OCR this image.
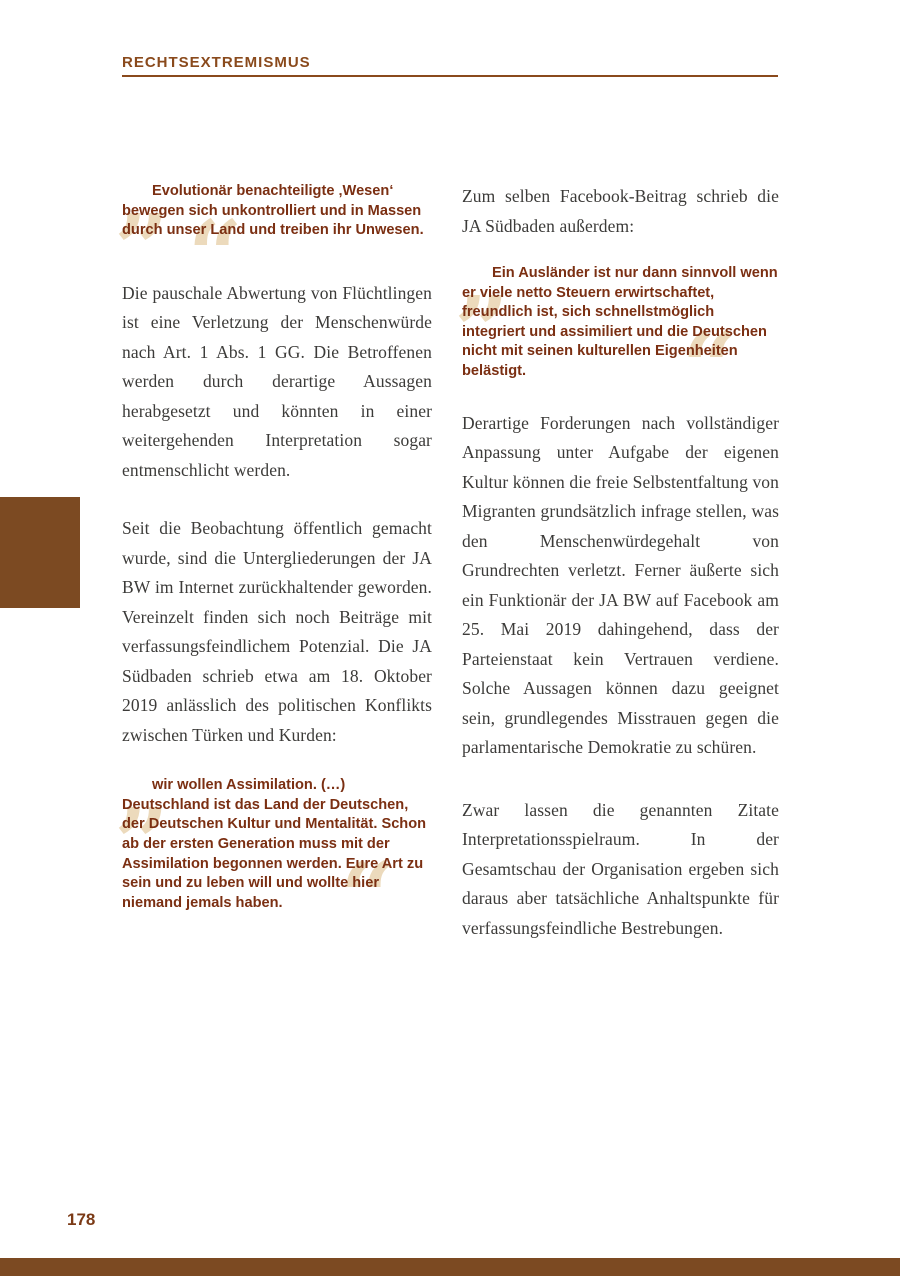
RECHTSEXTREMISMUS
„
“

Evolutionär benachteiligte ‚Wesen‘ bewegen sich unkontrolliert und in Massen durch unser Land und treiben ihr Unwesen.

Die pauschale Abwertung von Flüchtlingen ist eine Verletzung der Menschenwürde nach Art. 1 Abs. 1 GG. Die Betroffenen werden durch derartige Aussagen herabgesetzt und könnten in einer weitergehenden Interpretation sogar entmenschlicht werden.

Seit die Beobachtung öffentlich gemacht wurde, sind die Untergliederungen der JA BW im Internet zurückhaltender geworden. Vereinzelt finden sich noch Beiträge mit verfassungsfeindlichem Potenzial. Die JA Südbaden schrieb etwa am 18. Oktober 2019 anlässlich des politischen Konflikts zwischen Türken und Kurden:

„
“

wir wollen Assimilation. (…) Deutschland ist das Land der Deutschen, der Deutschen Kultur und Mentalität. Schon ab der ersten Generation muss mit der Assimilation begonnen werden. Eure Art zu sein und zu leben will und wollte hier niemand jemals haben.

Zum selben Facebook-Beitrag schrieb die JA Südbaden außerdem:

„
“

Ein Ausländer ist nur dann sinnvoll wenn er viele netto Steuern erwirtschaftet, freundlich ist, sich schnellstmöglich integriert und assimiliert und die Deutschen nicht mit seinen kulturellen Eigenheiten belästigt.

Derartige Forderungen nach vollständiger Anpassung unter Aufgabe der eigenen Kultur können die freie Selbstentfaltung von Migranten grundsätzlich infrage stellen, was den Menschenwürdegehalt von Grundrechten verletzt. Ferner äußerte sich ein Funktionär der JA BW auf Facebook am 25. Mai 2019 dahingehend, dass der Parteienstaat kein Vertrauen verdiene. Solche Aussagen können dazu geeignet sein, grundlegendes Misstrauen gegen die parlamentarische Demokratie zu schüren.

Zwar lassen die genannten Zitate Interpretationsspielraum. In der Gesamtschau der Organisation ergeben sich daraus aber tatsächliche Anhaltspunkte für verfassungsfeindliche Bestrebungen.

178
